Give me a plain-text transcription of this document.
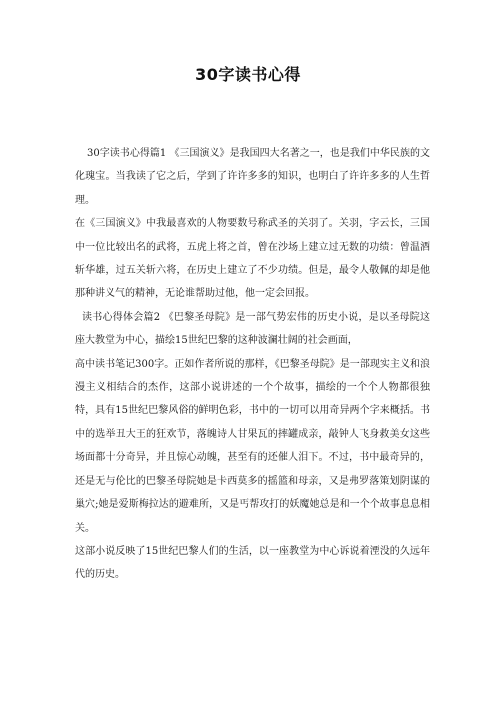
30字读书心得

30字读书心得篇1 《三国演义》是我国四大名著之一，也是我们中华民族的文化瑰宝。当我读了它之后，学到了许许多多的知识，也明白了许许多多的人生哲理。

在《三国演义》中我最喜欢的人物要数号称武圣的关羽了。关羽，字云长，三国中一位比较出名的武将，五虎上将之首，曾在沙场上建立过无数的功绩：曾温酒斩华雄，过五关斩六将，在历史上建立了不少功绩。但是，最令人敬佩的却是他那种讲义气的精神，无论谁帮助过他，他一定会回报。

读书心得体会篇2 《巴黎圣母院》是一部气势宏伟的历史小说，是以圣母院这座大教堂为中心，描绘15世纪巴黎的这种波澜壮阔的社会画面，

高中读书笔记300字。正如作者所说的那样，《巴黎圣母院》是一部现实主义和浪漫主义相结合的杰作，这部小说讲述的一个个故事，描绘的一个个人物都很独特，具有15世纪巴黎风俗的鲜明色彩，书中的一切可以用奇异两个字来概括。书中的选举丑大王的狂欢节，落魄诗人甘果瓦的摔罐成亲，敲钟人飞身救美女这些场面都十分奇异，并且惊心动魄，甚至有的还催人泪下。不过，书中最奇异的，还是无与伦比的巴黎圣母院她是卡西莫多的摇篮和母亲，又是弗罗落策划阴谋的巢穴;她是爱斯梅拉达的避难所，又是丐帮攻打的妖魔她总是和一个个故事息息相关。

这部小说反映了15世纪巴黎人们的生活，以一座教堂为中心诉说着湮没的久远年代的历史。
